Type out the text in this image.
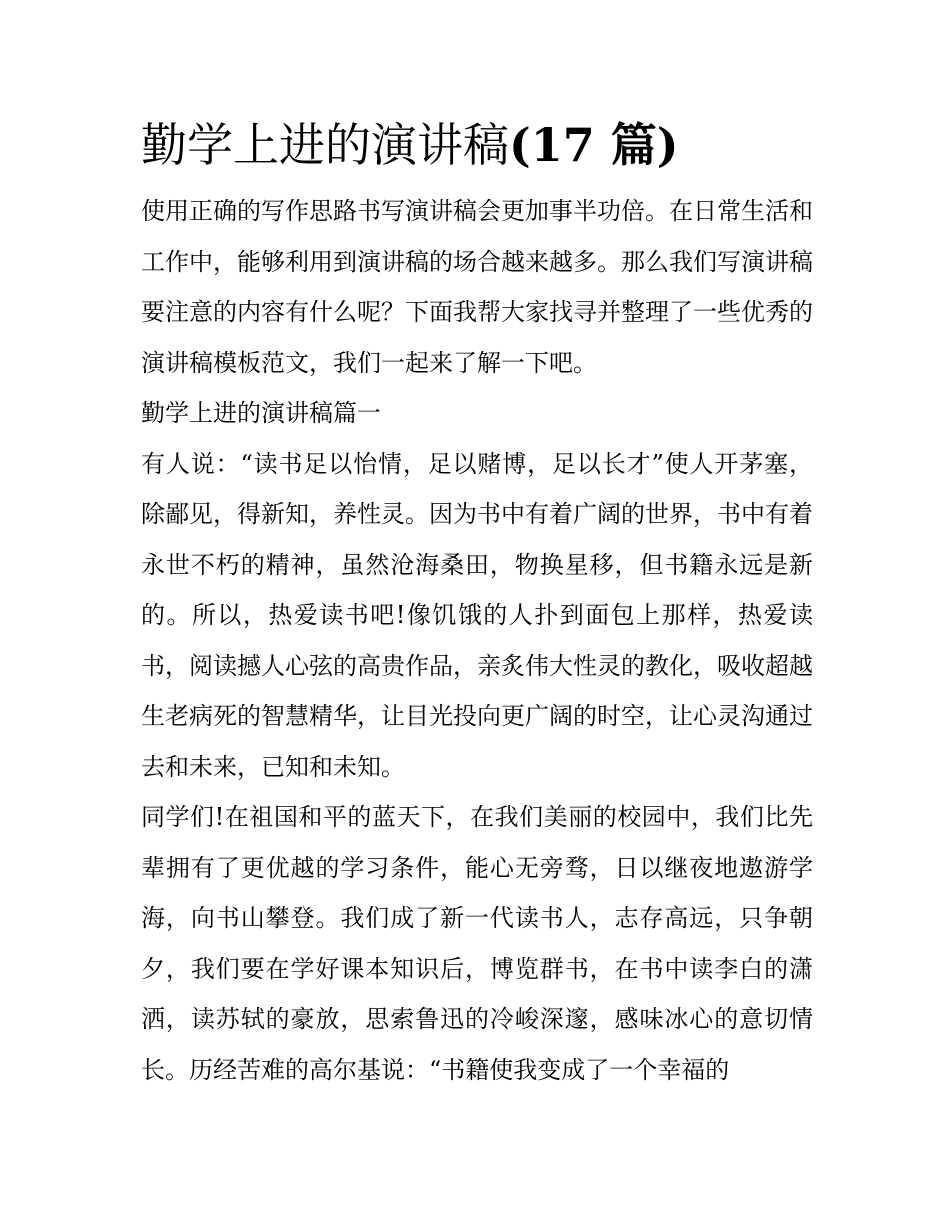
勤学上进的演讲稿(17 篇)

使用正确的写作思路书写演讲稿会更加事半功倍。在日常生活和工作中，能够利用到演讲稿的场合越来越多。那么我们写演讲稿要注意的内容有什么呢？下面我帮大家找寻并整理了一些优秀的演讲稿模板范文，我们一起来了解一下吧。

勤学上进的演讲稿篇一

有人说：“读书足以怡情，足以赌博，足以长才”使人开茅塞，除鄙见，得新知，养性灵。因为书中有着广阔的世界，书中有着永世不朽的精神，虽然沧海桑田，物换星移，但书籍永远是新的。所以，热爱读书吧!像饥饿的人扑到面包上那样，热爱读书，阅读撼人心弦的高贵作品，亲炙伟大性灵的教化，吸收超越生老病死的智慧精华，让目光投向更广阔的时空，让心灵沟通过去和未来，已知和未知。

同学们!在祖国和平的蓝天下，在我们美丽的校园中，我们比先辈拥有了更优越的学习条件，能心无旁骛，日以继夜地遨游学海，向书山攀登。我们成了新一代读书人，志存高远，只争朝夕，我们要在学好课本知识后，博览群书，在书中读李白的潇洒，读苏轼的豪放，思索鲁迅的冷峻深邃，感味冰心的意切情长。历经苦难的高尔基说：“书籍使我变成了一个幸福的
